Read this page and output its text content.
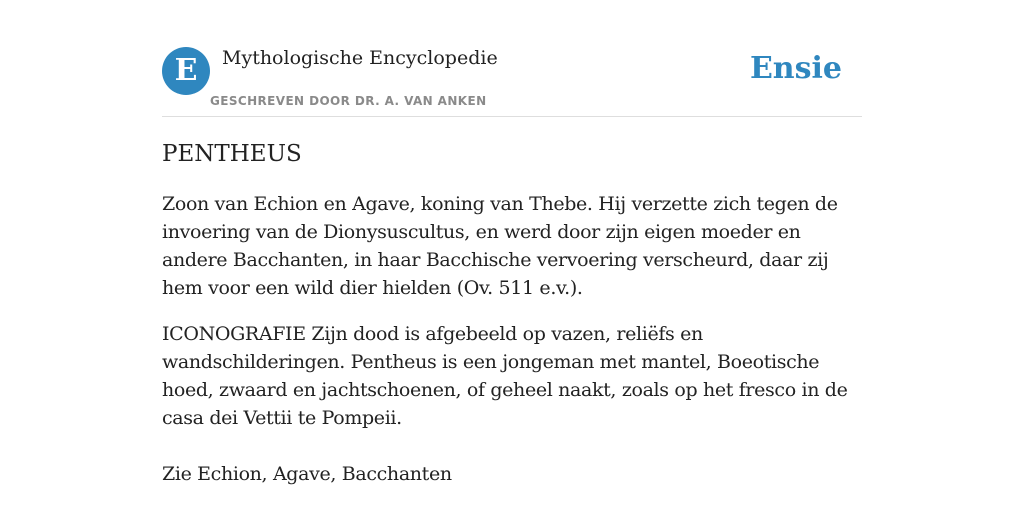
E	Mythologische Encyclopedie
GESCHREVEN DOOR DR. A. VAN ANKEN
Ensie
PENTHEUS

Zoon van Echion en Agave, koning van Thebe. Hij verzette zich tegen de invoering van de Dionysuscultus, en werd door zijn eigen moeder en andere Bacchanten, in haar Bacchische vervoering verscheurd, daar zij hem voor een wild dier hielden (Ov. 511 e.v.).

ICONOGRAFIE Zijn dood is afgebeeld op vazen, reliëfs en wandschilderingen. Pentheus is een jongeman met mantel, Boeotische hoed, zwaard en jachtschoenen, of geheel naakt, zoals op het fresco in de casa dei Vettii te Pompeii.

Zie Echion, Agave, Bacchanten
